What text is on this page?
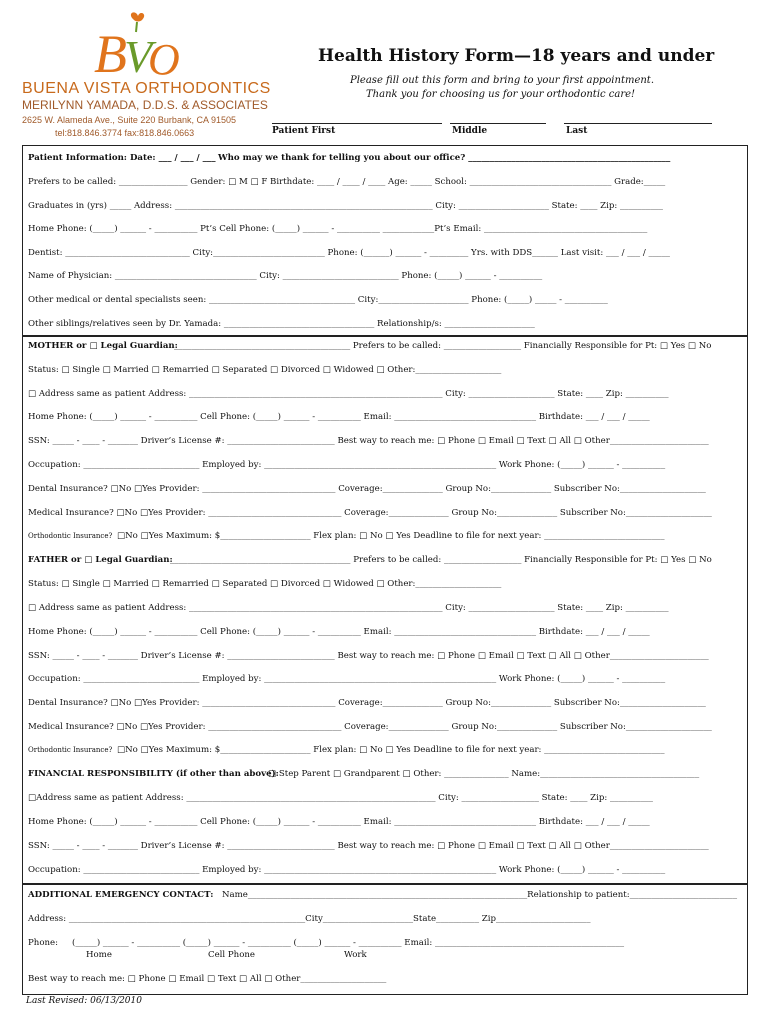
B
V
O
BUENA VISTA ORTHODONTICS
MERILYNN YAMADA, D.D.S. & ASSOCIATES
2625 W. Alameda Ave., Suite 220 Burbank, CA 91505
tel:818.846.3774 fax:818.846.0663
Health History Form—18 years and under
Please fill out this form and bring to your first appointment.
Thank you for choosing us for your orthodontic care!
Patient First	Middle	Last
Patient Information: Date: ___ / ___ / ___ Who may we thank for telling you about our office? _______________________________________________
Prefers to be called: ________________ Gender: □ M □ F Birthdate: ____ / ____ / ____ Age: _____ School: _________________________________ Grade:_____
Graduates in (yrs) _____ Address: ____________________________________________________________ City: _____________________ State: ____ Zip: __________
Home Phone: (_____) ______ - __________ Pt’s Cell Phone: (_____) ______ - __________ ____________Pt’s Email: ______________________________________
Dentist: _____________________________ City:__________________________ Phone: (______) ______ - _________ Yrs. with DDS______ Last visit: ___ / ___ / _____
Name of Physician: _________________________________ City: ___________________________ Phone: (_____) ______ - __________
Other medical or dental specialists seen: __________________________________ City:_____________________ Phone: (_____) _____ - __________
Other siblings/relatives seen by Dr. Yamada: ___________________________________ Relationship/s: _____________________
MOTHER or □ Legal Guardian:
_________________________________________ Prefers to be called: __________________ Financially Responsible for Pt: □ Yes □ No
Status: □ Single □ Married □ Remarried □ Separated □ Divorced □ Widowed □ Other:____________________
□ Address same as patient Address: ___________________________________________________________ City: ____________________ State: ____ Zip: __________
Home Phone: (_____) ______ - __________ Cell Phone: (_____) ______ - __________ Email: _________________________________ Birthdate: ___ / ___ / _____
SSN: _____ - ____ - _______ Driver’s License #: _________________________ Best way to reach me: □ Phone □ Email □ Text □ All □ Other_______________________
Occupation: ___________________________ Employed by: ______________________________________________________ Work Phone: (_____) ______ - __________
Dental Insurance? □No □Yes Provider: _______________________________ Coverage:______________ Group No:______________ Subscriber No:____________________
Medical Insurance? □No □Yes Provider: _______________________________ Coverage:______________ Group No:______________ Subscriber No:____________________
Orthodontic Insurance? □No □Yes Maximum: $_____________________ Flex plan: □ No □ Yes Deadline to file for next year: ____________________________
FATHER or □ Legal Guardian:
__________________________________________ Prefers to be called: __________________ Financially Responsible for Pt: □ Yes □ No
Status: □ Single □ Married □ Remarried □ Separated □ Divorced □ Widowed □ Other:____________________
□ Address same as patient Address: ___________________________________________________________ City: ____________________ State: ____ Zip: __________
Home Phone: (_____) ______ - __________ Cell Phone: (_____) ______ - __________ Email: _________________________________ Birthdate: ___ / ___ / _____
SSN: _____ - ____ - _______ Driver’s License #: _________________________ Best way to reach me: □ Phone □ Email □ Text □ All □ Other_______________________
Occupation: ___________________________ Employed by: ______________________________________________________ Work Phone: (_____) ______ - __________
Dental Insurance? □No □Yes Provider: _______________________________ Coverage:______________ Group No:______________ Subscriber No:____________________
Medical Insurance? □No □Yes Provider: _______________________________ Coverage:______________ Group No:______________ Subscriber No:____________________
Orthodontic Insurance? □No □Yes Maximum: $_____________________ Flex plan: □ No □ Yes Deadline to file for next year: ____________________________
FINANCIAL RESPONSIBILITY (if other than above):
□ Step Parent □ Grandparent □ Other: _______________ Name:_____________________________________
□Address same as patient Address: __________________________________________________________ City: __________________ State: ____ Zip: __________
Home Phone: (_____) ______ - __________ Cell Phone: (_____) ______ - __________ Email: _________________________________ Birthdate: ___ / ___ / _____
SSN: _____ - ____ - _______ Driver’s License #: _________________________ Best way to reach me: □ Phone □ Email □ Text □ All □ Other_______________________
Occupation: ___________________________ Employed by: ______________________________________________________ Work Phone: (_____) ______ - __________
ADDITIONAL EMERGENCY CONTACT: Name_________________________________________________________________Relationship to patient:_________________________
Address: _______________________________________________________City_____________________State__________ Zip______________________
Phone: (_____) ______ - __________ (_____) ______ - __________ (_____) ______ - __________ Email: ____________________________________________
Home	Cell Phone	Work
Best way to reach me: □ Phone □ Email □ Text □ All □ Other____________________
Last Revised: 06/13/2010
